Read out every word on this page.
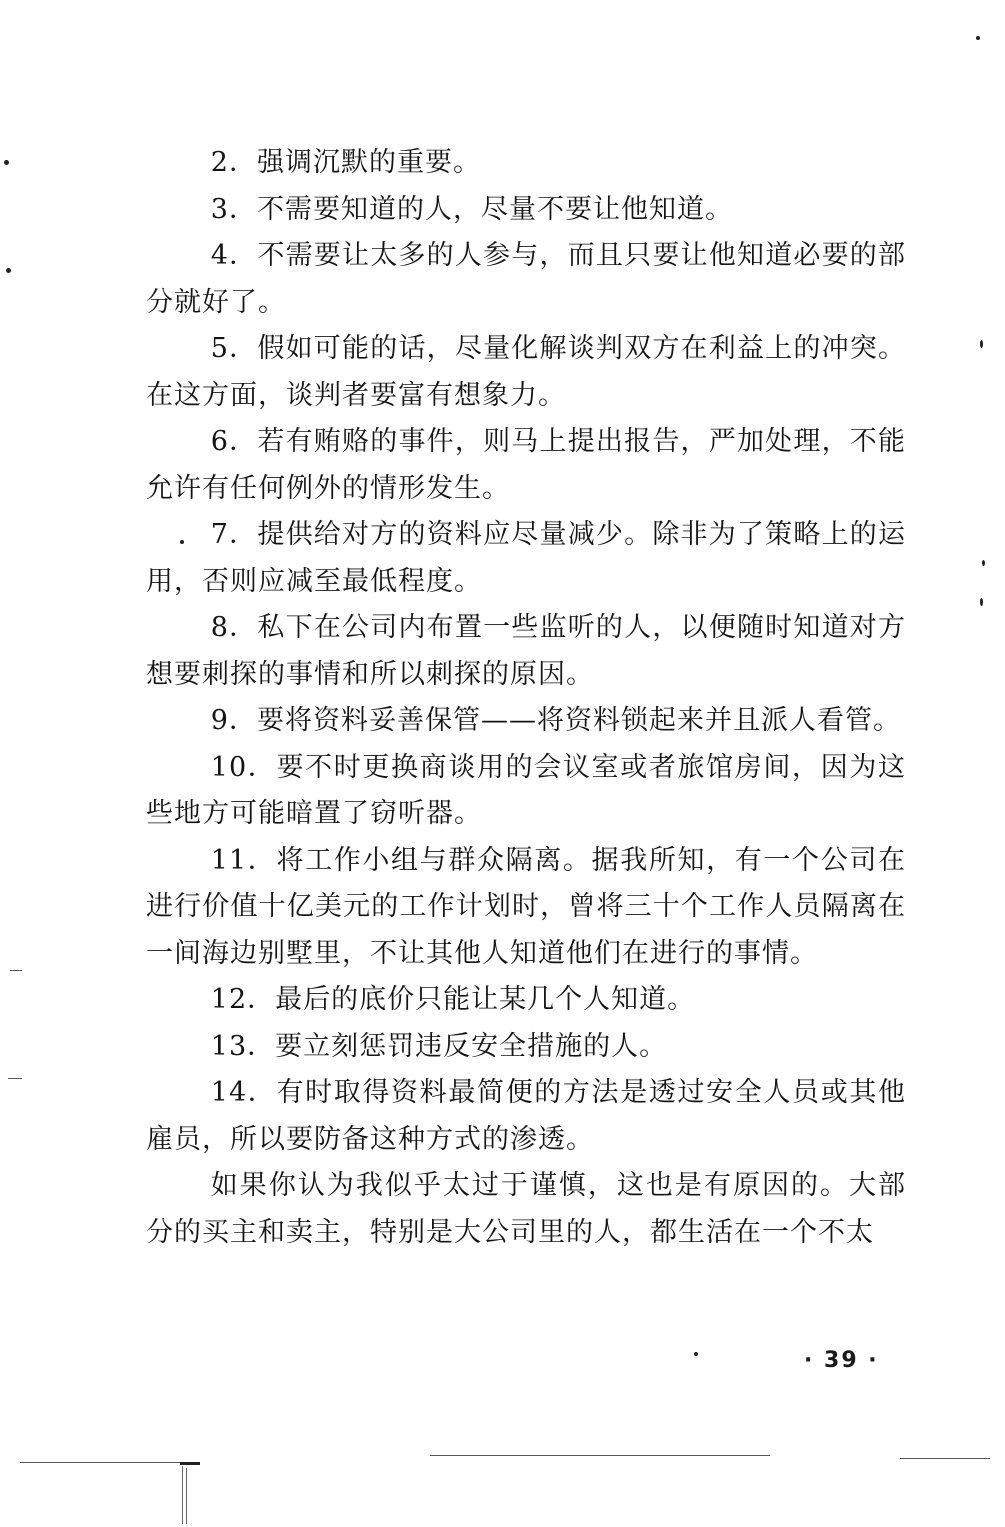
2．强调沉默的重要。

3．不需要知道的人，尽量不要让他知道。

4．不需要让太多的人参与，而且只要让他知道必要的部分就好了。

5．假如可能的话，尽量化解谈判双方在利益上的冲突。在这方面，谈判者要富有想象力。

6．若有贿赂的事件，则马上提出报告，严加处理，不能允许有任何例外的情形发生。

7．提供给对方的资料应尽量减少。除非为了策略上的运用，否则应减至最低程度。

8．私下在公司内布置一些监听的人，以便随时知道对方想要刺探的事情和所以刺探的原因。

9．要将资料妥善保管——将资料锁起来并且派人看管。

10．要不时更换商谈用的会议室或者旅馆房间，因为这些地方可能暗置了窃听器。

11．将工作小组与群众隔离。据我所知，有一个公司在进行价值十亿美元的工作计划时，曾将三十个工作人员隔离在一间海边别墅里，不让其他人知道他们在进行的事情。

12．最后的底价只能让某几个人知道。

13．要立刻惩罚违反安全措施的人。

14．有时取得资料最简便的方法是透过安全人员或其他雇员，所以要防备这种方式的渗透。

如果你认为我似乎太过于谨慎，这也是有原因的。大部分的买主和卖主，特别是大公司里的人，都生活在一个不太

· 39 ·
